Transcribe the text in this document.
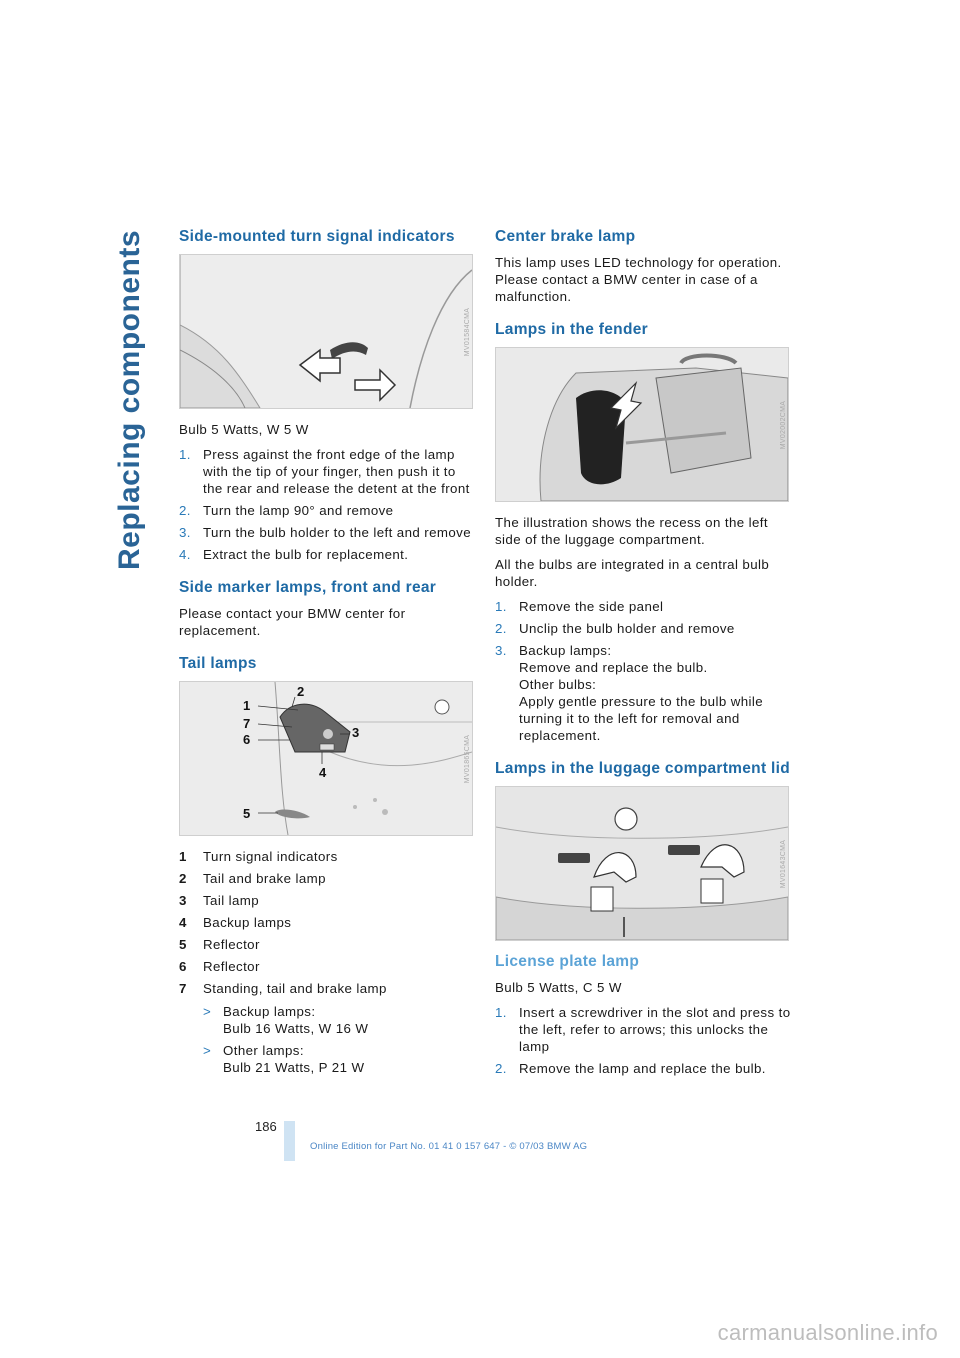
Replacing components Side-mounted turn signal indicators
MV01584CMA

Bulb 5 Watts, W 5 W

1. Press against the front edge of the lamp with the tip of your finger, then push it to the rear and release the detent at the front
2. Turn the lamp 90° and remove
3. Turn the bulb holder to the left and remove
4. Extract the bulb for replacement.
Side marker lamps, front and rear

Please contact your BMW center for replacement.

Tail lamps
1
2
7
6	3
4
5
MV01865CMA
1 Turn signal indicators
2 Tail and brake lamp
3 Tail lamp
4 Backup lamps
5 Reflector
6 Reflector
7 Standing, tail and brake lamp
> Backup lamps:
Bulb 16 Watts, W 16 W
> Other lamps:
Bulb 21 Watts, P 21 W
Center brake lamp

This lamp uses LED technology for operation. Please contact a BMW center in case of a malfunction.

Lamps in the fender
MV02002CMA

The illustration shows the recess on the left side of the luggage compartment.

All the bulbs are integrated in a central bulb holder.

1. Remove the side panel
2. Unclip the bulb holder and remove
3. Backup lamps:
Remove and replace the bulb.
Other bulbs:
Apply gentle pressure to the bulb while turning it to the left for removal and replacement.
Lamps in the luggage compartment lid
MV01643CMA
License plate lamp

Bulb 5 Watts, C 5 W

1. Insert a screwdriver in the slot and press to the left, refer to arrows; this unlocks the lamp
2. Remove the lamp and replace the bulb.
186
Online Edition for Part No. 01 41 0 157 647 - © 07/03 BMW AG
carmanualsonline.info
